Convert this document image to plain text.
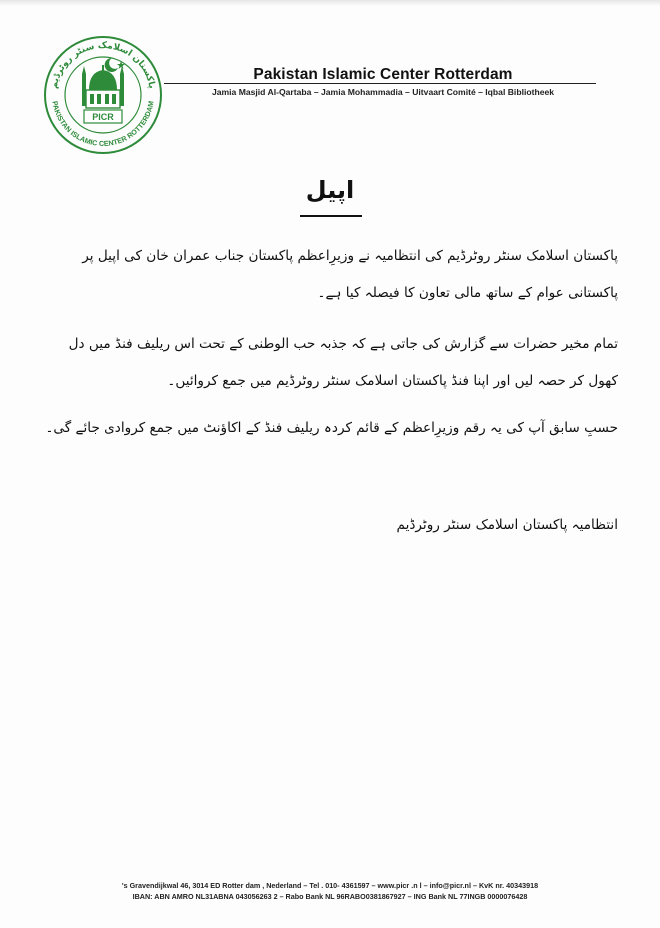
پاکستان اسلامک سنٹر روٹرڈیم
PAKISTAN ISLAMIC CENTER ROTTERDAM
PICR
Pakistan Islamic Center Rotterdam
Jamia Masjid Al-Qartaba – Jamia Mohammadia – Uitvaart Comité – Iqbal Bibliotheek
اپیل
پاکستان اسلامک سنٹر روٹرڈیم کی انتظامیہ نے وزیرِاعظم پاکستان جناب عمران خان کی اپیل پر پاکستانی عوام کے ساتھ مالی تعاون کا فیصلہ کیا ہے۔
تمام مخیر حضرات سے گزارش کی جاتی ہے کہ جذبہ حب الوطنی کے تحت اس ریلیف فنڈ میں دل کھول کر حصہ لیں اور اپنا فنڈ پاکستان اسلامک سنٹر روٹرڈیم میں جمع کروائیں۔
حسبِ سابق آپ کی یہ رقم وزیرِاعظم کے قائم کردہ ریلیف فنڈ کے اکاؤنٹ میں جمع کروادی جائے گی۔
انتظامیہ پاکستان اسلامک سنٹر روٹرڈیم
's Gravendijkwal 46, 3014 ED Rotter dam , Nederland – Tel . 010- 4361597 – www.picr .n l – info@picr.nl – KvK nr. 40343918
IBAN: ABN AMRO NL31ABNA 043056263 2 – Rabo Bank NL 96RABO0381867927 – ING Bank NL 77INGB 0000076428
